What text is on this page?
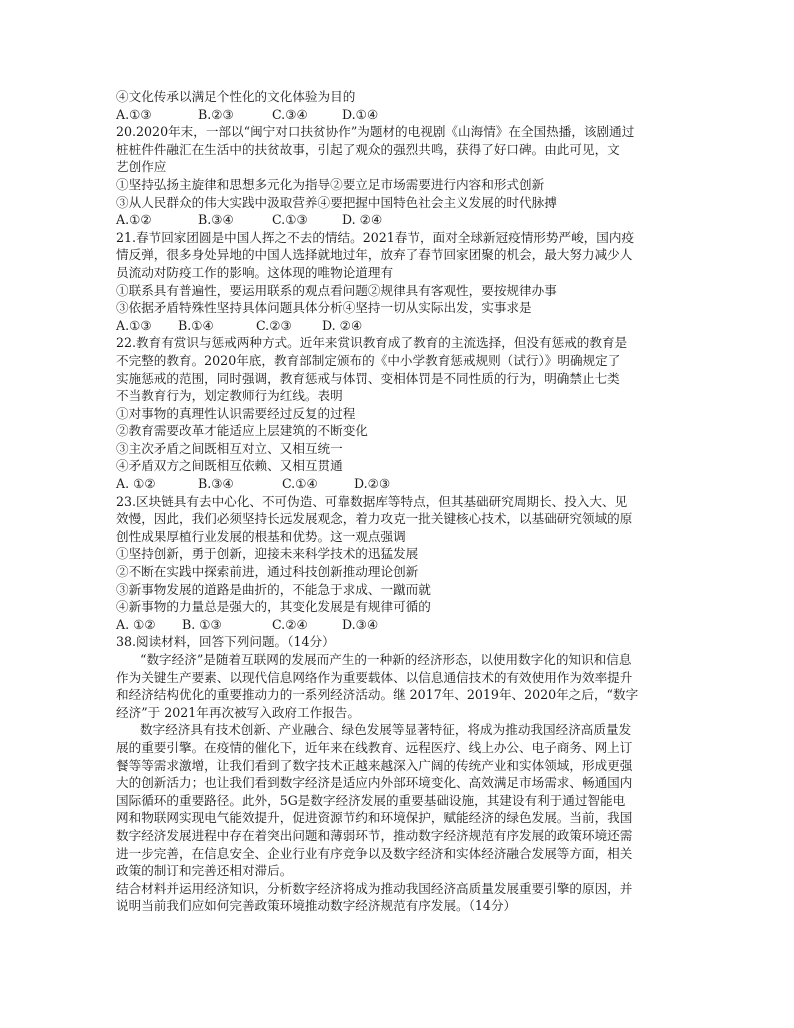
④文化传承以满足个性化的文化体验为目的
A.①③	B.②③	C.③④	D.①④
20.2020年末，一部以“闽宁对口扶贫协作”为题材的电视剧《山海情》在全国热播，该剧通过
桩桩件件融汇在生活中的扶贫故事，引起了观众的强烈共鸣，获得了好口碑。由此可见，文
艺创作应
①坚持弘扬主旋律和思想多元化为指导②要立足市场需要进行内容和形式创新
③从人民群众的伟大实践中汲取营养④要把握中国特色社会主义发展的时代脉搏
A.①②	B.③④	C.①③	D. ②④
21.春节回家团圆是中国人挥之不去的情结。2021春节，面对全球新冠疫情形势严峻，国内疫
情反弹，很多身处异地的中国人选择就地过年，放弃了春节回家团聚的机会，最大努力减少人
员流动对防疫工作的影响。这体现的唯物论道理有
①联系具有普遍性，要运用联系的观点看问题②规律具有客观性，要按规律办事
③依据矛盾特殊性坚持具体问题具体分析④坚持一切从实际出发，实事求是
A.①③	B.①④	C.②③	D. ②④
22.教育有赏识与惩戒两种方式。近年来赏识教育成了教育的主流选择，但没有惩戒的教育是
不完整的教育。2020年底，教育部制定颁布的《中小学教育惩戒规则（试行）》明确规定了
实施惩戒的范围，同时强调，教育惩戒与体罚、变相体罚是不同性质的行为，明确禁止七类
不当教育行为，划定教师行为红线。表明
①对事物的真理性认识需要经过反复的过程
②教育需要改革才能适应上层建筑的不断变化
③主次矛盾之间既相互对立、又相互统一
④矛盾双方之间既相互依赖、又相互贯通
A. ①②	B.③④	C.①④	D.②③
23.区块链具有去中心化、不可伪造、可靠数据库等特点，但其基础研究周期长、投入大、见
效慢，因此，我们必须坚持长远发展观念，着力攻克一批关键核心技术，以基础研究领域的原
创性成果厚植行业发展的根基和优势。这一观点强调
①坚持创新，勇于创新，迎接未来科学技术的迅猛发展
②不断在实践中探索前进，通过科技创新推动理论创新
③新事物发展的道路是曲折的，不能急于求成、一蹴而就
④新事物的力量总是强大的，其变化发展是有规律可循的
A. ①②	B. ①③	C.②④	D.③④
38.阅读材料，回答下列问题。（14分）
“数字经济”是随着互联网的发展而产生的一种新的经济形态，以使用数字化的知识和信息
作为关键生产要素、以现代信息网络作为重要载体、以信息通信技术的有效使用作为效率提升
和经济结构优化的重要推动力的一系列经济活动。继 2017年、2019年、2020年之后，“数字
经济”于 2021年再次被写入政府工作报告。
数字经济具有技术创新、产业融合、绿色发展等显著特征，将成为推动我国经济高质量发
展的重要引擎。在疫情的催化下，近年来在线教育、远程医疗、线上办公、电子商务、网上订
餐等等需求激增，让我们看到了数字技术正越来越深入广阔的传统产业和实体领域，形成更强
大的创新活力；也让我们看到数字经济是适应内外部环境变化、高效满足市场需求、畅通国内
国际循环的重要路径。此外，5G是数字经济发展的重要基础设施，其建设有利于通过智能电
网和物联网实现电气能效提升，促进资源节约和环境保护，赋能经济的绿色发展。当前，我国
数字经济发展进程中存在着突出问题和薄弱环节，推动数字经济规范有序发展的政策环境还需
进一步完善，在信息安全、企业行业有序竞争以及数字经济和实体经济融合发展等方面，相关
政策的制订和完善还相对滞后。
结合材料并运用经济知识，分析数字经济将成为推动我国经济高质量发展重要引擎的原因，并
说明当前我们应如何完善政策环境推动数字经济规范有序发展。（14分）
